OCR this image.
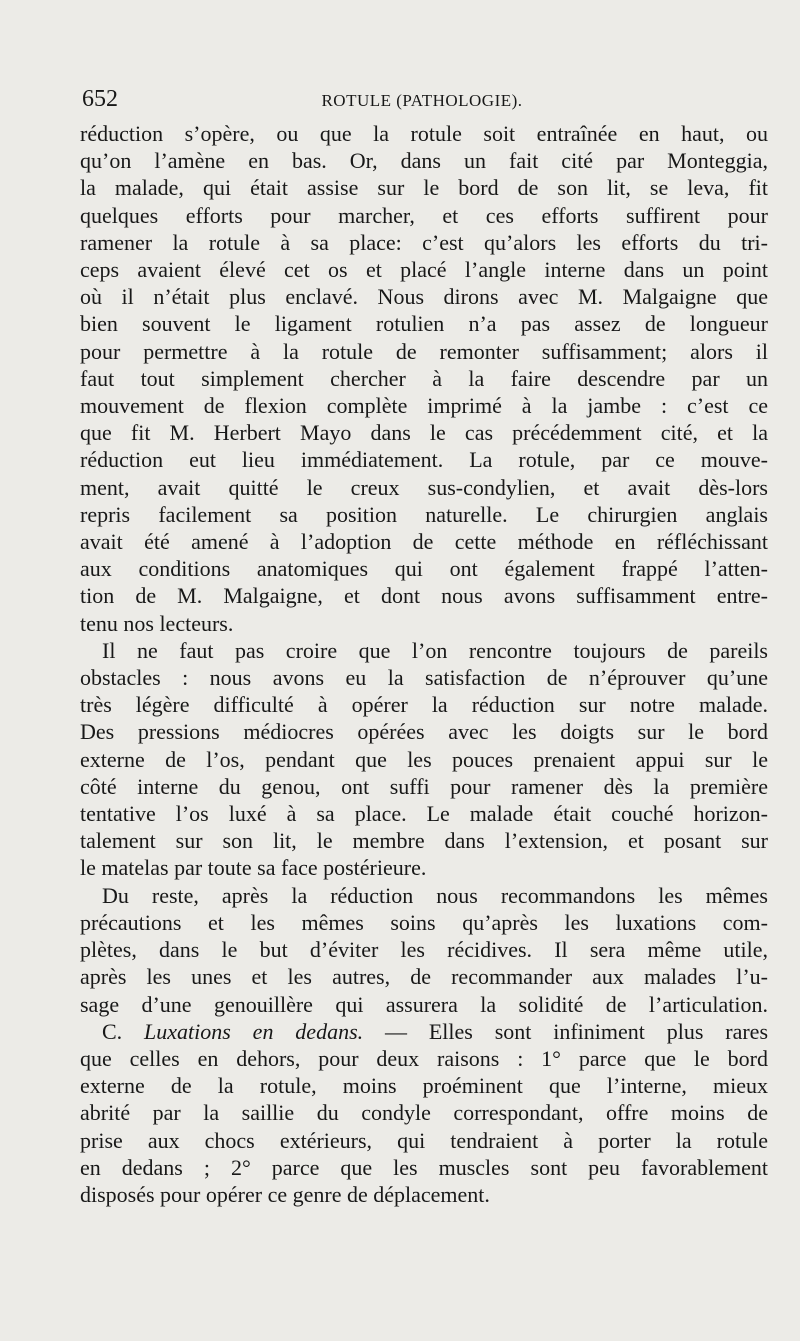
652	ROTULE (PATHOLOGIE).
réduction s’opère, ou que la rotule soit entraînée en haut, ou
qu’on l’amène en bas. Or, dans un fait cité par Monteggia,
la malade, qui était assise sur le bord de son lit, se leva, fit
quelques efforts pour marcher, et ces efforts suffirent pour
ramener la rotule à sa place: c’est qu’alors les efforts du tri-
ceps avaient élevé cet os et placé l’angle interne dans un point
où il n’était plus enclavé. Nous dirons avec M. Malgaigne que
bien souvent le ligament rotulien n’a pas assez de longueur
pour permettre à la rotule de remonter suffisamment; alors il
faut tout simplement chercher à la faire descendre par un
mouvement de flexion complète imprimé à la jambe : c’est ce
que fit M. Herbert Mayo dans le cas précédemment cité, et la
réduction eut lieu immédiatement. La rotule, par ce mouve-
ment, avait quitté le creux sus-condylien, et avait dès-lors
repris facilement sa position naturelle. Le chirurgien anglais
avait été amené à l’adoption de cette méthode en réfléchissant
aux conditions anatomiques qui ont également frappé l’atten-
tion de M. Malgaigne, et dont nous avons suffisamment entre-
tenu nos lecteurs.
Il ne faut pas croire que l’on rencontre toujours de pareils
obstacles : nous avons eu la satisfaction de n’éprouver qu’une
très légère difficulté à opérer la réduction sur notre malade.
Des pressions médiocres opérées avec les doigts sur le bord
externe de l’os, pendant que les pouces prenaient appui sur le
côté interne du genou, ont suffi pour ramener dès la première
tentative l’os luxé à sa place. Le malade était couché horizon-
talement sur son lit, le membre dans l’extension, et posant sur
le matelas par toute sa face postérieure.
Du reste, après la réduction nous recommandons les mêmes
précautions et les mêmes soins qu’après les luxations com-
plètes, dans le but d’éviter les récidives. Il sera même utile,
après les unes et les autres, de recommander aux malades l’u-
sage d’une genouillère qui assurera la solidité de l’articulation.
C. Luxations en dedans. — Elles sont infiniment plus rares
que celles en dehors, pour deux raisons : 1° parce que le bord
externe de la rotule, moins proéminent que l’interne, mieux
abrité par la saillie du condyle correspondant, offre moins de
prise aux chocs extérieurs, qui tendraient à porter la rotule
en dedans ; 2° parce que les muscles sont peu favorablement
disposés pour opérer ce genre de déplacement.
